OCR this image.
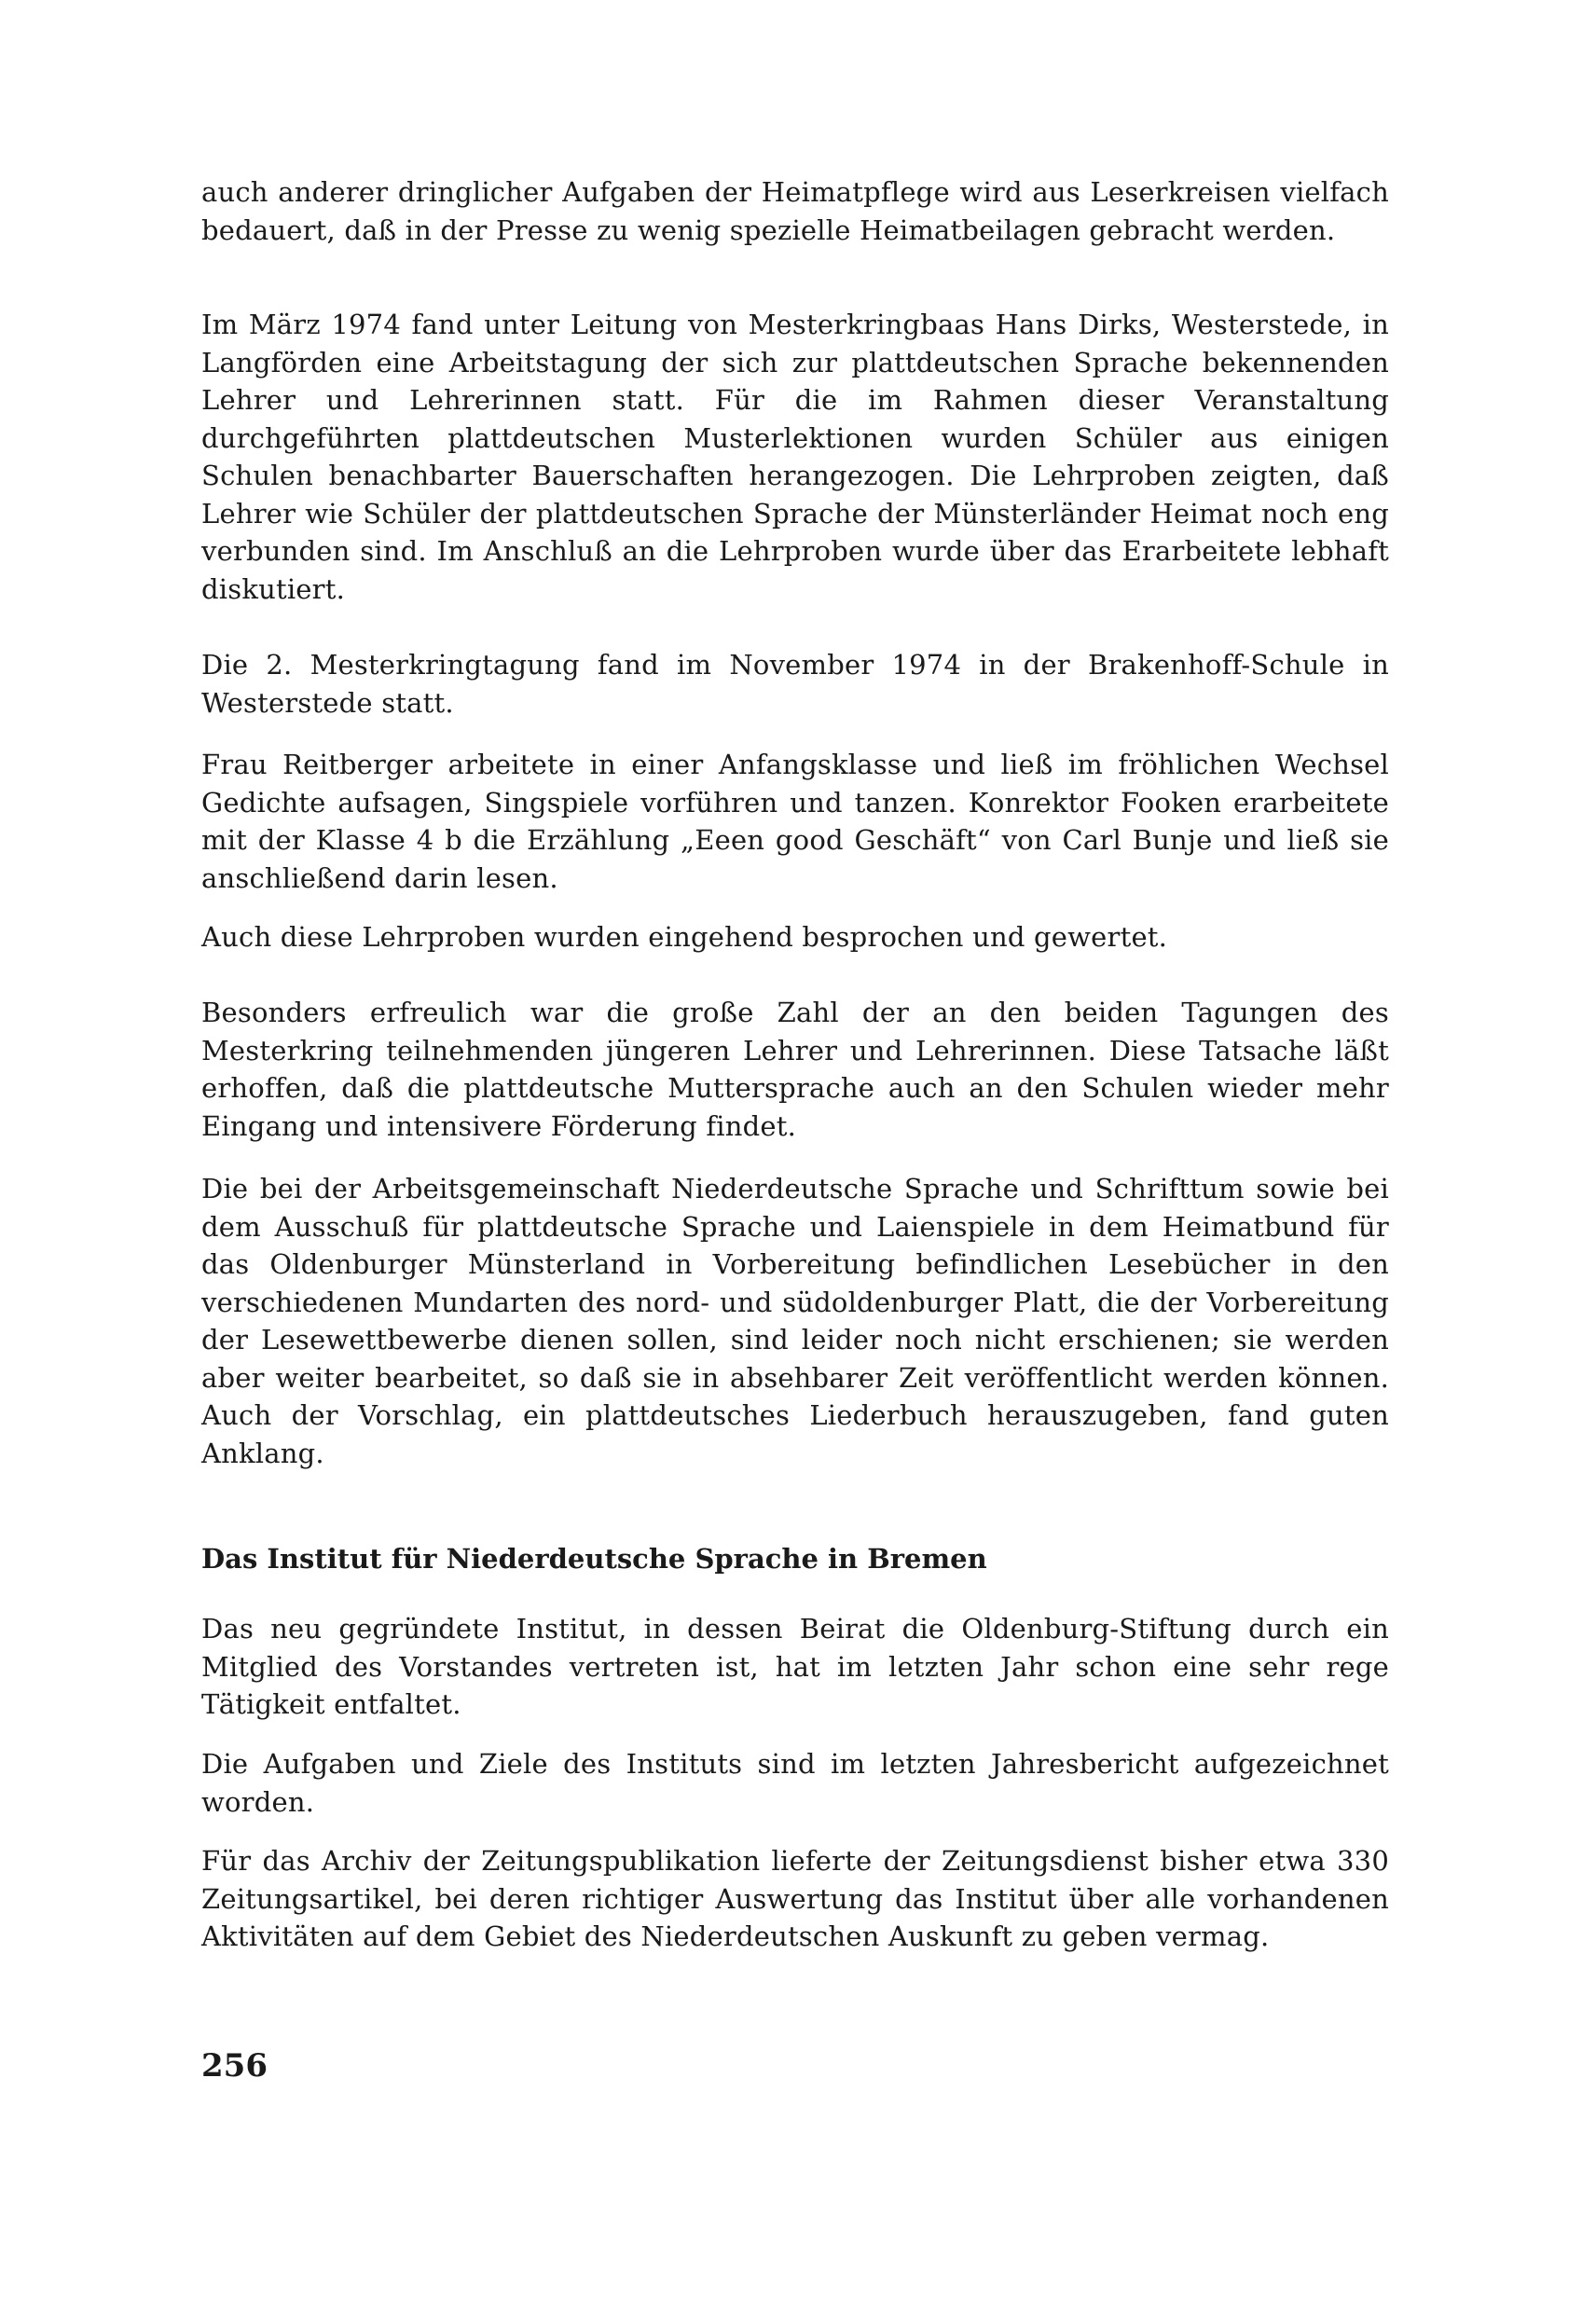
auch anderer dringlicher Aufgaben der Heimatpflege wird aus Leserkreisen vielfach bedauert, daß in der Presse zu wenig spezielle Heimatbeilagen gebracht werden.

Im März 1974 fand unter Leitung von Mesterkringbaas Hans Dirks, Westerstede, in Langförden eine Arbeitstagung der sich zur plattdeutschen Sprache bekennenden Lehrer und Lehrerinnen statt. Für die im Rahmen dieser Veranstaltung durchgeführten plattdeutschen Musterlektionen wurden Schüler aus einigen Schulen benachbarter Bauerschaften herangezogen. Die Lehrproben zeigten, daß Lehrer wie Schüler der plattdeutschen Sprache der Münsterländer Heimat noch eng verbunden sind. Im Anschluß an die Lehrproben wurde über das Erarbeitete lebhaft diskutiert.

Die 2. Mesterkringtagung fand im November 1974 in der Brakenhoff-Schule in Westerstede statt.

Frau Reitberger arbeitete in einer Anfangsklasse und ließ im fröhlichen Wechsel Gedichte aufsagen, Singspiele vorführen und tanzen. Konrektor Fooken erarbeitete mit der Klasse 4 b die Erzählung „Eeen good Geschäft“ von Carl Bunje und ließ sie anschließend darin lesen.

Auch diese Lehrproben wurden eingehend besprochen und gewertet.

Besonders erfreulich war die große Zahl der an den beiden Tagungen des Mesterkring teilnehmenden jüngeren Lehrer und Lehrerinnen. Diese Tatsache läßt erhoffen, daß die plattdeutsche Muttersprache auch an den Schulen wieder mehr Eingang und intensivere Förderung findet.

Die bei der Arbeitsgemeinschaft Niederdeutsche Sprache und Schrifttum sowie bei dem Ausschuß für plattdeutsche Sprache und Laienspiele in dem Heimatbund für das Oldenburger Münsterland in Vorbereitung befindlichen Lesebücher in den verschiedenen Mundarten des nord- und südoldenburger Platt, die der Vorbereitung der Lesewettbewerbe dienen sollen, sind leider noch nicht erschienen; sie werden aber weiter bearbeitet, so daß sie in absehbarer Zeit veröffentlicht werden können. Auch der Vorschlag, ein plattdeutsches Liederbuch herauszugeben, fand guten Anklang.

Das Institut für Niederdeutsche Sprache in Bremen

Das neu gegründete Institut, in dessen Beirat die Oldenburg-Stiftung durch ein Mitglied des Vorstandes vertreten ist, hat im letzten Jahr schon eine sehr rege Tätigkeit entfaltet.

Die Aufgaben und Ziele des Instituts sind im letzten Jahresbericht aufgezeichnet worden.

Für das Archiv der Zeitungspublikation lieferte der Zeitungsdienst bisher etwa 330 Zeitungsartikel, bei deren richtiger Auswertung das Institut über alle vorhandenen Aktivitäten auf dem Gebiet des Niederdeutschen Auskunft zu geben vermag.

256
